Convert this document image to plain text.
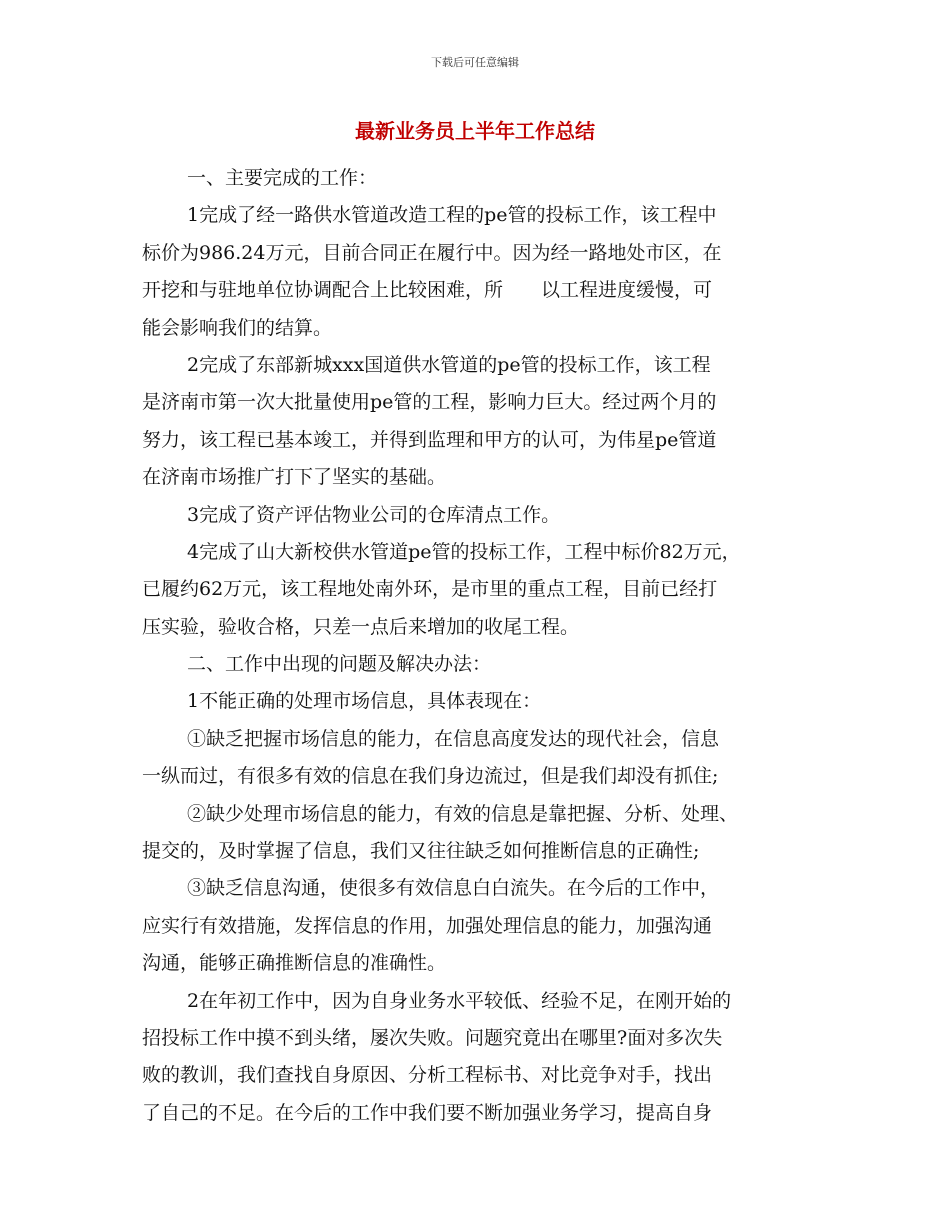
下载后可任意编辑
最新业务员上半年工作总结
一、主要完成的工作：
1完成了经一路供水管道改造工程的pe管的投标工作，该工程中
标价为986.24万元，目前合同正在履行中。因为经一路地处市区，在
开挖和与驻地单位协调配合上比较困难，所　　以工程进度缓慢，可
能会影响我们的结算。
2完成了东部新城xxx国道供水管道的pe管的投标工作，该工程
是济南市第一次大批量使用pe管的工程，影响力巨大。经过两个月的
努力，该工程已基本竣工，并得到监理和甲方的认可，为伟星pe管道
在济南市场推广打下了坚实的基础。
3完成了资产评估物业公司的仓库清点工作。
4完成了山大新校供水管道pe管的投标工作，工程中标价82万元，
已履约62万元，该工程地处南外环，是市里的重点工程，目前已经打
压实验，验收合格，只差一点后来增加的收尾工程。
二、工作中出现的问题及解决办法：
1不能正确的处理市场信息，具体表现在：
①缺乏把握市场信息的能力，在信息高度发达的现代社会，信息
一纵而过，有很多有效的信息在我们身边流过，但是我们却没有抓住;
②缺少处理市场信息的能力，有效的信息是靠把握、分析、处理、
提交的，及时掌握了信息，我们又往往缺乏如何推断信息的正确性;
③缺乏信息沟通，使很多有效信息白白流失。在今后的工作中，
应实行有效措施，发挥信息的作用，加强处理信息的能力，加强沟通
沟通，能够正确推断信息的准确性。
2在年初工作中，因为自身业务水平较低、经验不足，在刚开始的
招投标工作中摸不到头绪，屡次失败。问题究竟出在哪里?面对多次失
败的教训，我们查找自身原因、分析工程标书、对比竞争对手，找出
了自己的不足。在今后的工作中我们要不断加强业务学习，提高自身
